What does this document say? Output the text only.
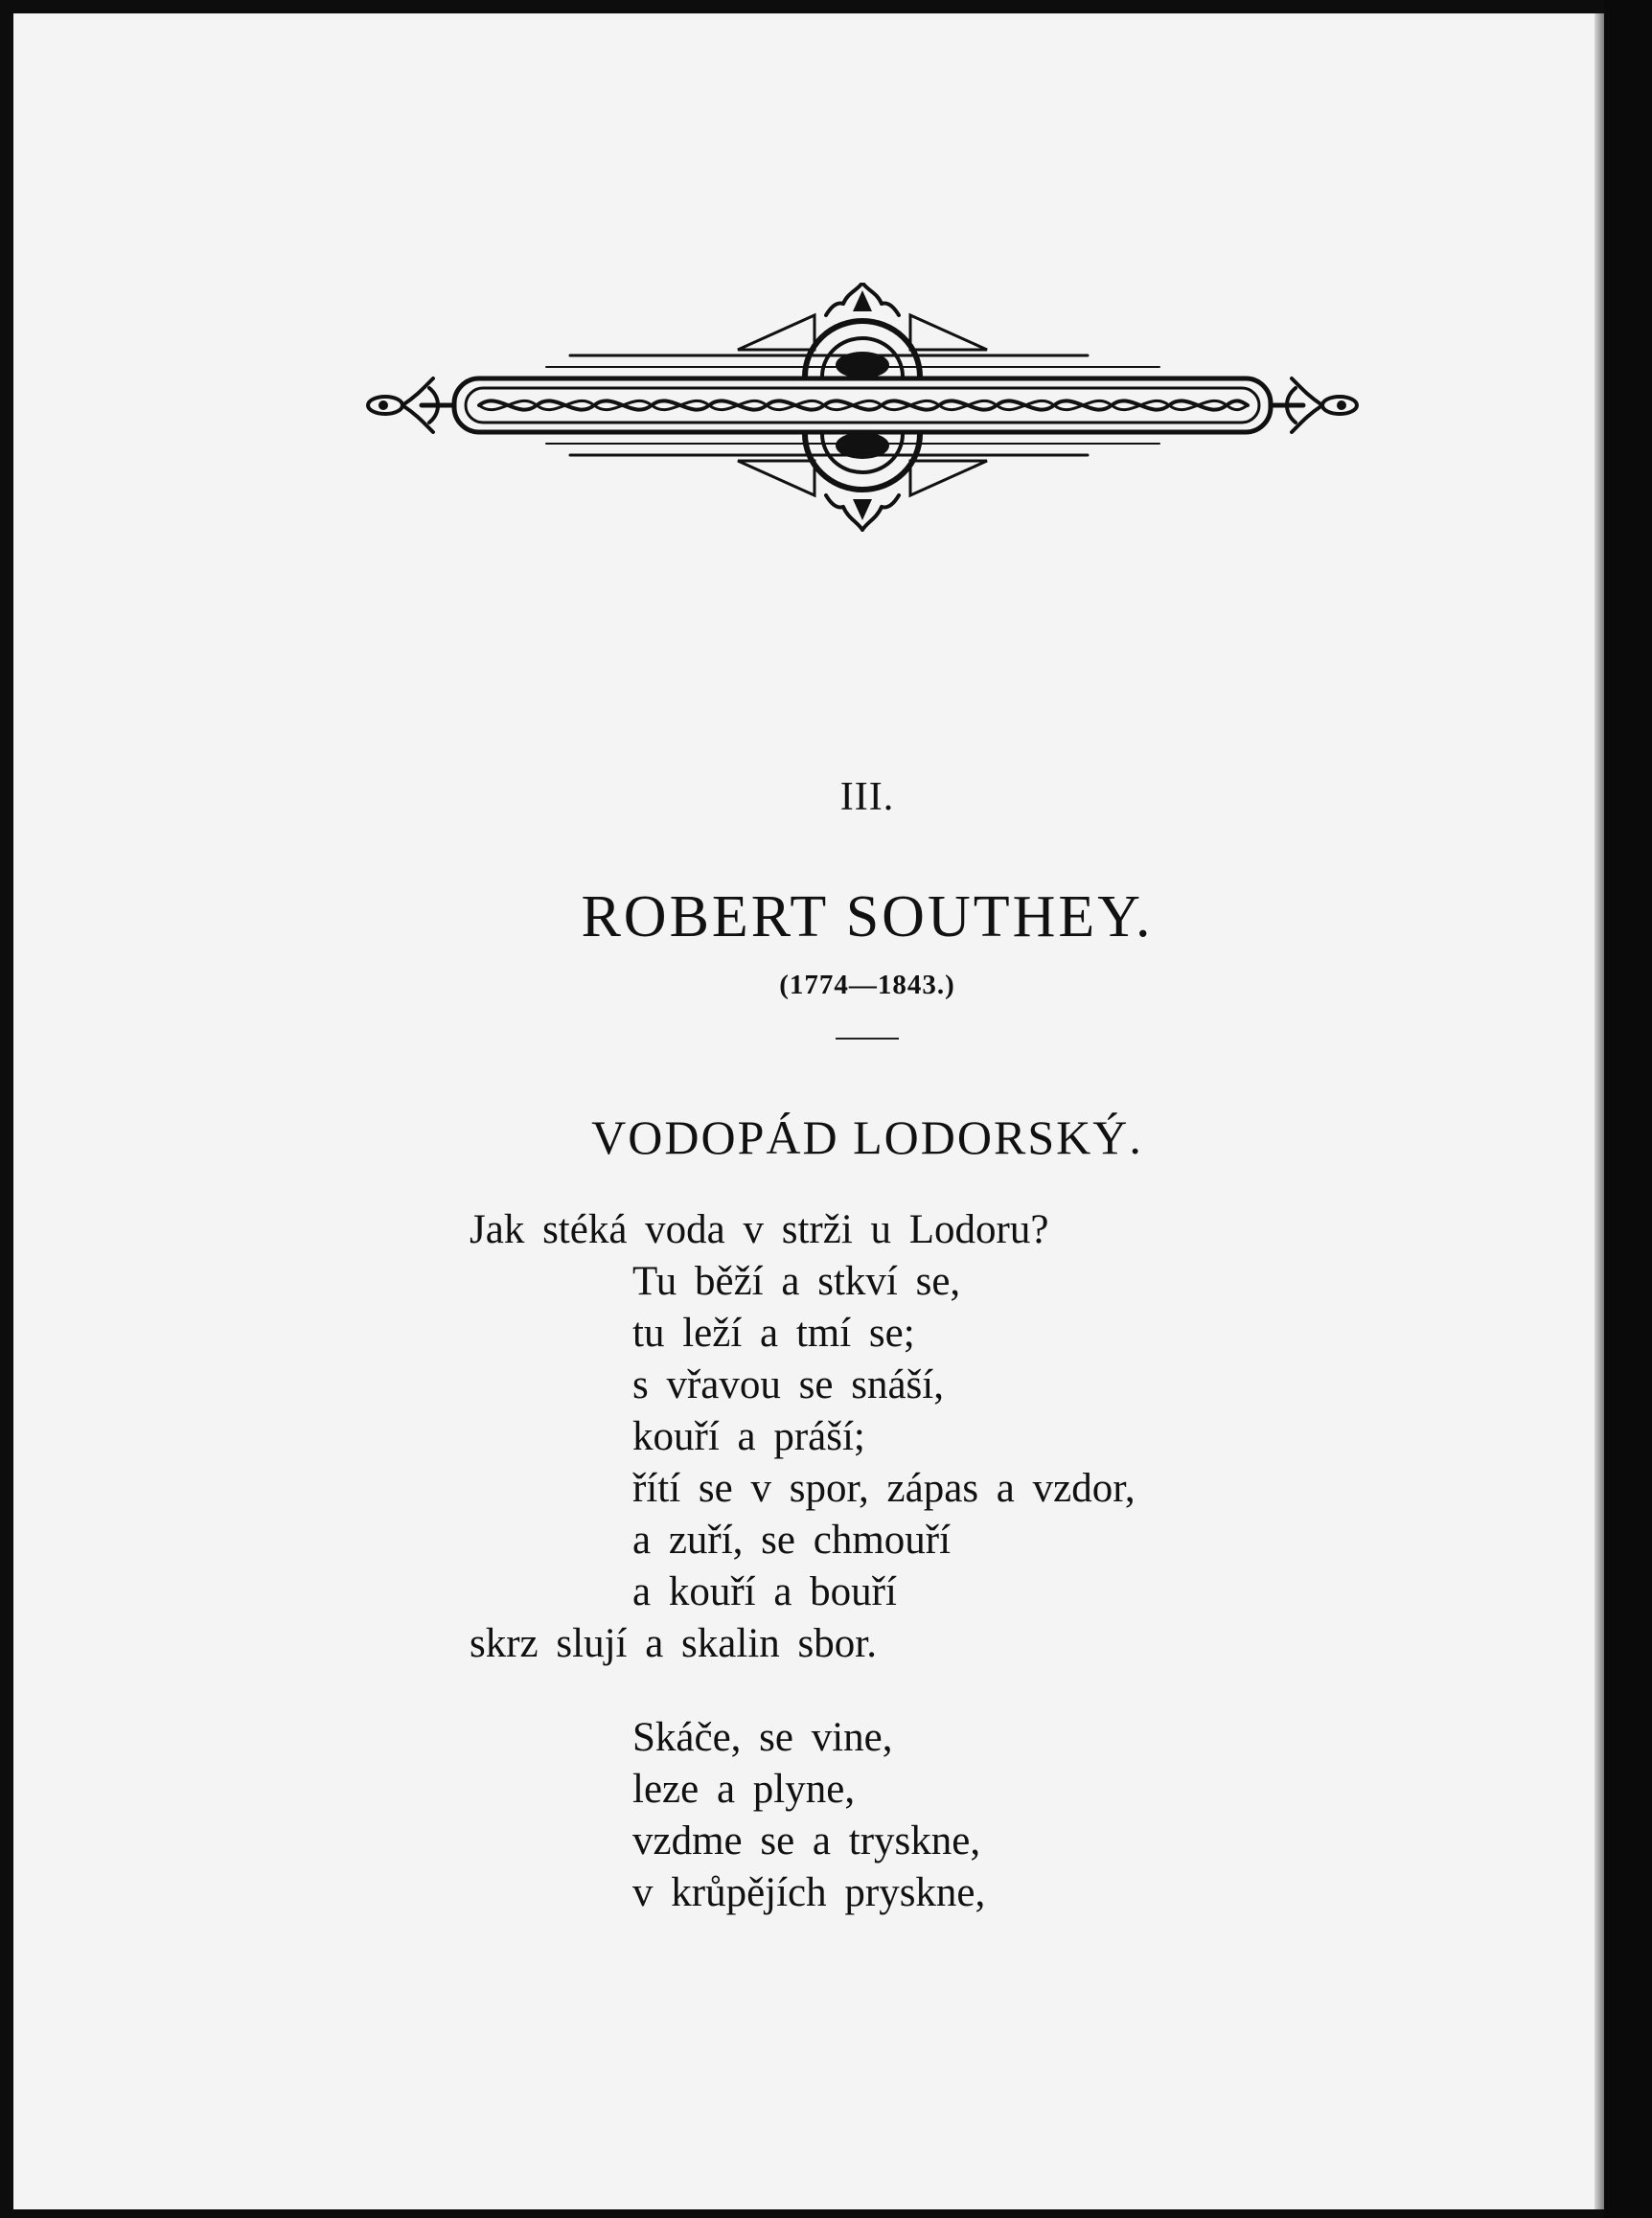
III.
ROBERT SOUTHEY.
(1774—1843.)
VODOPÁD LODORSKÝ.
Jak stéká voda v strži u Lodoru?
Tu běží a stkví se,
tu leží a tmí se;
s vřavou se snáší,
kouří a práší;
řítí se v spor, zápas a vzdor,
a zuří, se chmouří
a kouří a bouří
skrz slují a skalin sbor.
Skáče, se vine,
leze a plyne,
vzdme se a tryskne,
v krůpějích pryskne,
